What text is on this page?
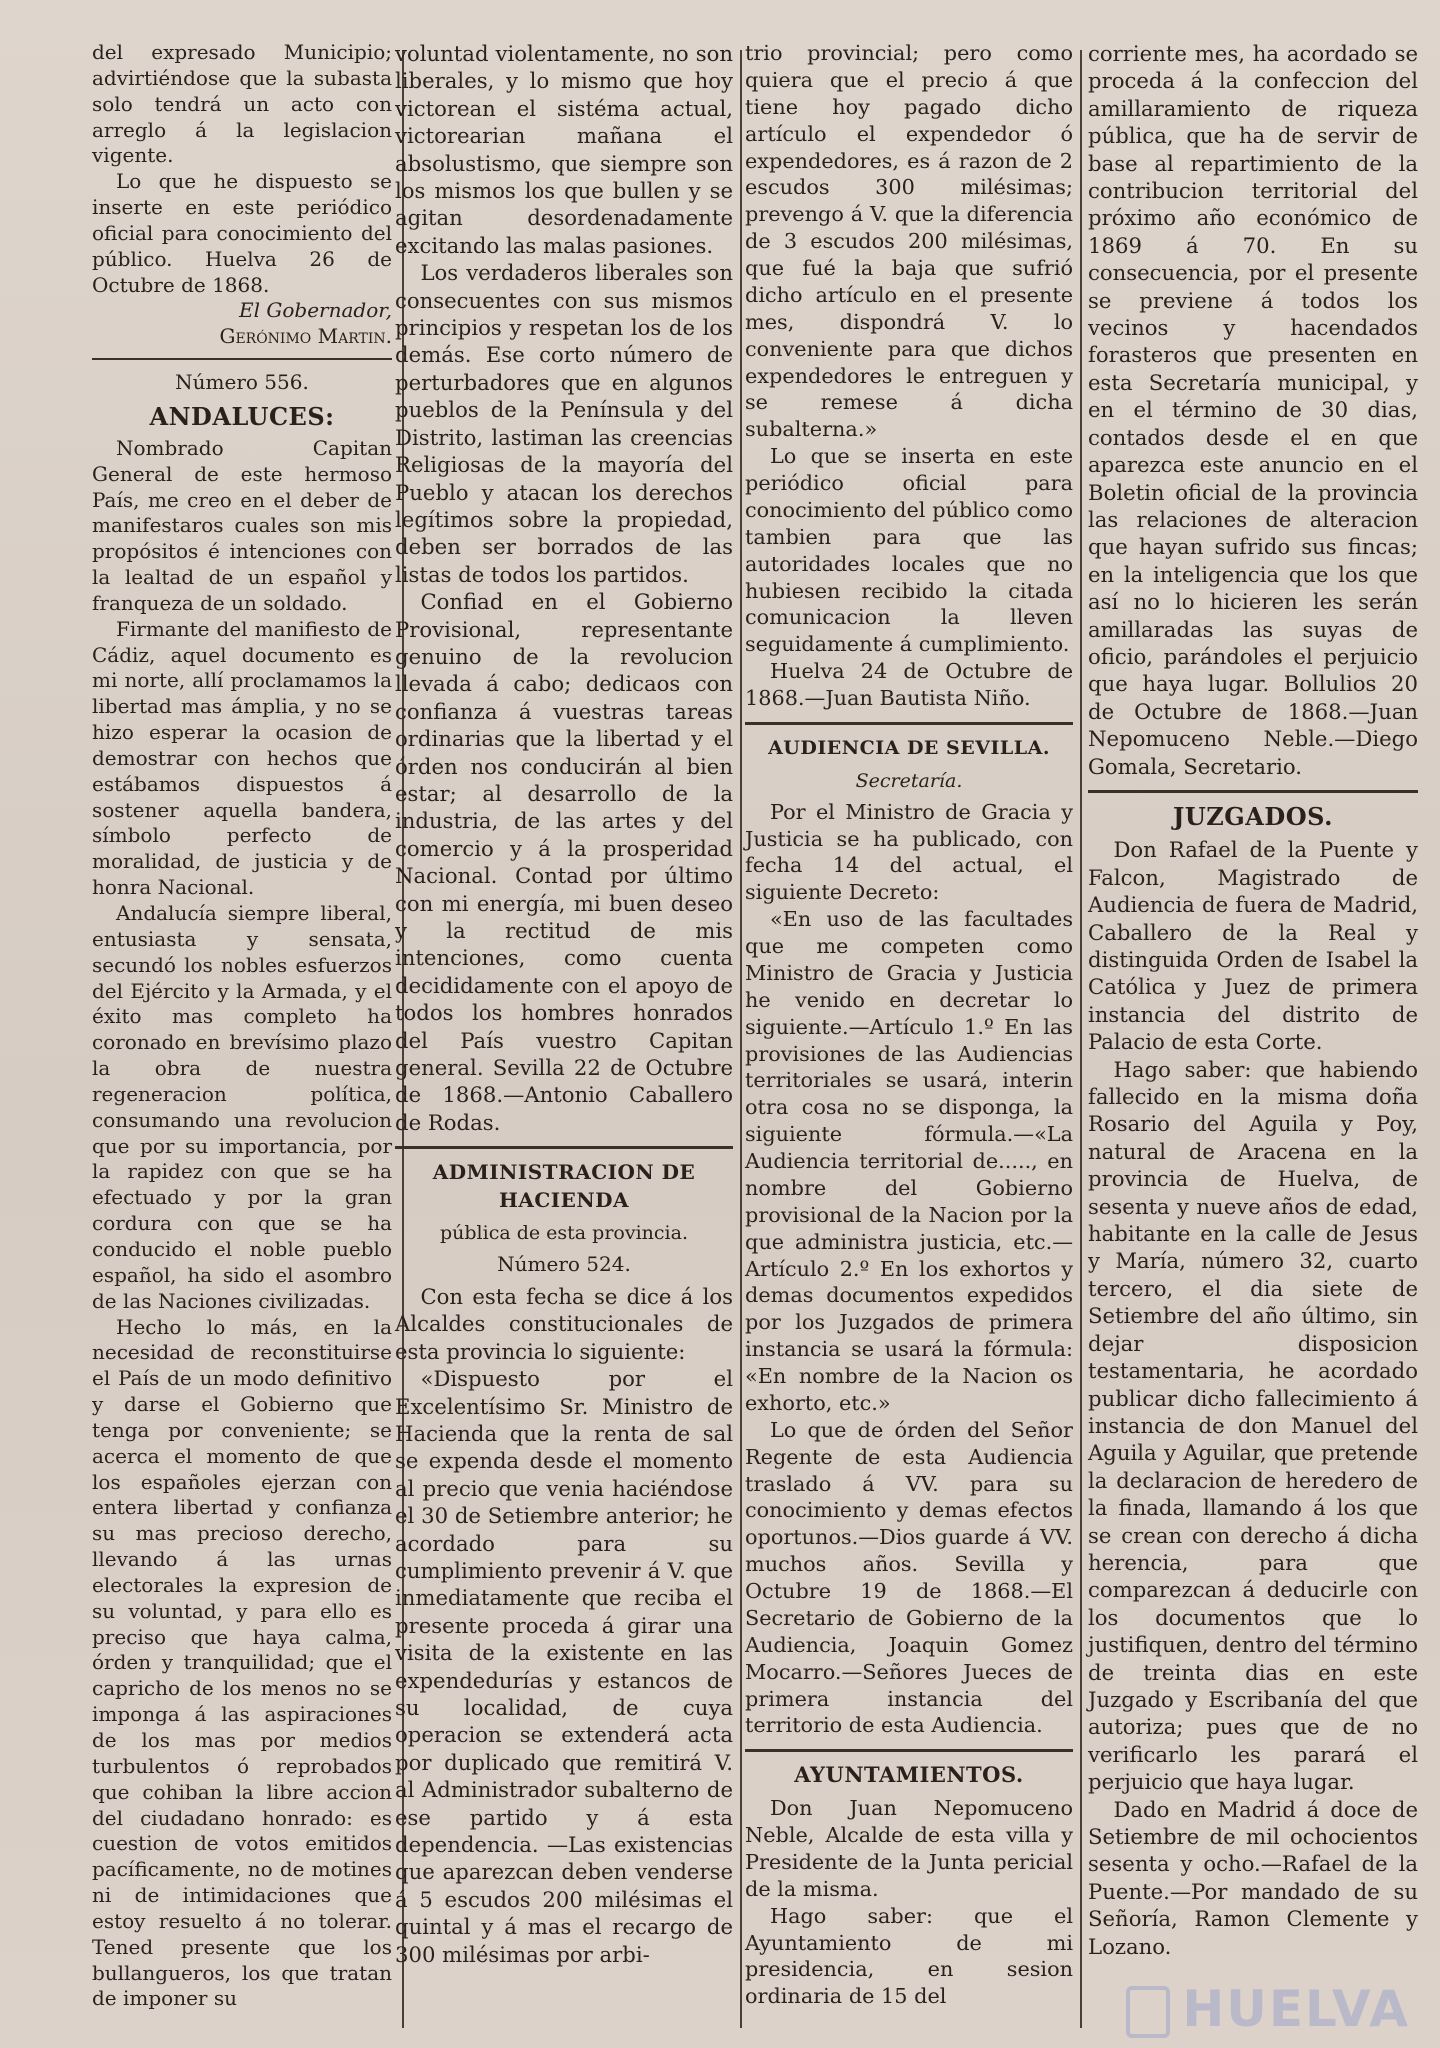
del expresado Municipio; advirtiéndose que la subasta solo tendrá un acto con arreglo á la legislacion vigente.

Lo que he dispuesto se inserte en este periódico oficial para conocimiento del público. Huelva 26 de Octubre de 1868.

El Gobernador,

Gerónimo Martin.

Número 556.

ANDALUCES:

Nombrado Capitan General de este hermoso País, me creo en el deber de manifestaros cuales son mis propósitos é intenciones con la lealtad de un español y franqueza de un soldado.

Firmante del manifiesto de Cádiz, aquel documento es mi norte, allí proclamamos la libertad mas ámplia, y no se hizo esperar la ocasion de demostrar con hechos que estábamos dispuestos á sostener aquella bandera, símbolo perfecto de moralidad, de justicia y de honra Nacional.

Andalucía siempre liberal, entusiasta y sensata, secundó los nobles esfuerzos del Ejército y la Armada, y el éxito mas completo ha coronado en brevísimo plazo la obra de nuestra regeneracion política, consumando una revolucion que por su importancia, por la rapidez con que se ha efectuado y por la gran cordura con que se ha conducido el noble pueblo español, ha sido el asombro de las Naciones civilizadas.

Hecho lo más, en la necesidad de reconstituirse el País de un modo definitivo y darse el Gobierno que tenga por conveniente; se acerca el momento de que los españoles ejerzan con entera libertad y confianza su mas precioso derecho, llevando á las urnas electorales la expresion de su voluntad, y para ello es preciso que haya calma, órden y tranquilidad; que el capricho de los menos no se imponga á las aspiraciones de los mas por medios turbulentos ó reprobados que cohiban la libre accion del ciudadano honrado: es cuestion de votos emitidos pacíficamente, no de motines ni de intimidaciones que estoy resuelto á no tolerar. Tened presente que los bullangueros, los que tratan de imponer su

voluntad violentamente, no son liberales, y lo mismo que hoy victorean el sistéma actual, victorearian mañana el absolustismo, que siempre son los mismos los que bullen y se agitan desordenadamente excitando las malas pasiones.

Los verdaderos liberales son consecuentes con sus mismos principios y respetan los de los demás. Ese corto número de perturbadores que en algunos pueblos de la Península y del Distrito, lastiman las creencias Religiosas de la mayoría del Pueblo y atacan los derechos legítimos sobre la propiedad, deben ser borrados de las listas de todos los partidos.

Confiad en el Gobierno Provisional, representante genuino de la revolucion llevada á cabo; dedicaos con confianza á vuestras tareas ordinarias que la libertad y el órden nos conducirán al bien estar; al desarrollo de la industria, de las artes y del comercio y á la prosperidad Nacional. Contad por último con mi energía, mi buen deseo y la rectitud de mis intenciones, como cuenta decididamente con el apoyo de todos los hombres honrados del País vuestro Capitan general. Sevilla 22 de Octubre de 1868.—Antonio Caballero de Rodas.

ADMINISTRACION DE HACIENDA

pública de esta provincia.

Número 524.

Con esta fecha se dice á los Alcaldes constitucionales de esta provincia lo siguiente:

«Dispuesto por el Excelentísimo Sr. Ministro de Hacienda que la renta de sal se expenda desde el momento al precio que venia haciéndose el 30 de Setiembre anterior; he acordado para su cumplimiento prevenir á V. que inmediatamente que reciba el presente proceda á girar una visita de la existente en las expendedurías y estancos de su localidad, de cuya operacion se extenderá acta por duplicado que remitirá V. al Administrador subalterno de ese partido y á esta dependencia. —Las existencias que aparezcan deben venderse á 5 escudos 200 milésimas el quintal y á mas el recargo de 300 milésimas por arbi-

trio provincial; pero como quiera que el precio á que tiene hoy pagado dicho artículo el expendedor ó expendedores, es á razon de 2 escudos 300 milésimas; prevengo á V. que la diferencia de 3 escudos 200 milésimas, que fué la baja que sufrió dicho artículo en el presente mes, dispondrá V. lo conveniente para que dichos expendedores le entreguen y se remese á dicha subalterna.»

Lo que se inserta en este periódico oficial para conocimiento del público como tambien para que las autoridades locales que no hubiesen recibido la citada comunicacion la lleven seguidamente á cumplimiento.

Huelva 24 de Octubre de 1868.—Juan Bautista Niño.

AUDIENCIA DE SEVILLA.

Secretaría.

Por el Ministro de Gracia y Justicia se ha publicado, con fecha 14 del actual, el siguiente Decreto:

«En uso de las facultades que me competen como Ministro de Gracia y Justicia he venido en decretar lo siguiente.—Artículo 1.º En las provisiones de las Audiencias territoriales se usará, interin otra cosa no se disponga, la siguiente fórmula.—«La Audiencia territorial de....., en nombre del Gobierno provisional de la Nacion por la que administra justicia, etc.—Artículo 2.º En los exhortos y demas documentos expedidos por los Juzgados de primera instancia se usará la fórmula: «En nombre de la Nacion os exhorto, etc.»

Lo que de órden del Señor Regente de esta Audiencia traslado á VV. para su conocimiento y demas efectos oportunos.—Dios guarde á VV. muchos años. Sevilla y Octubre 19 de 1868.—El Secretario de Gobierno de la Audiencia, Joaquin Gomez Mocarro.—Señores Jueces de primera instancia del territorio de esta Audiencia.

AYUNTAMIENTOS.

Don Juan Nepomuceno Neble, Alcalde de esta villa y Presidente de la Junta pericial de la misma.

Hago saber: que el Ayuntamiento de mi presidencia, en sesion ordinaria de 15 del

corriente mes, ha acordado se proceda á la confeccion del amillaramiento de riqueza pública, que ha de servir de base al repartimiento de la contribucion territorial del próximo año económico de 1869 á 70. En su consecuencia, por el presente se previene á todos los vecinos y hacendados forasteros que presenten en esta Secretaría municipal, y en el término de 30 dias, contados desde el en que aparezca este anuncio en el Boletin oficial de la provincia las relaciones de alteracion que hayan sufrido sus fincas; en la inteligencia que los que así no lo hicieren les serán amillaradas las suyas de oficio, parándoles el perjuicio que haya lugar. Bollulios 20 de Octubre de 1868.—Juan Nepomuceno Neble.—Diego Gomala, Secretario.

JUZGADOS.

Don Rafael de la Puente y Falcon, Magistrado de Audiencia de fuera de Madrid, Caballero de la Real y distinguida Orden de Isabel la Católica y Juez de primera instancia del distrito de Palacio de esta Corte.

Hago saber: que habiendo fallecido en la misma doña Rosario del Aguila y Poy, natural de Aracena en la provincia de Huelva, de sesenta y nueve años de edad, habitante en la calle de Jesus y María, número 32, cuarto tercero, el dia siete de Setiembre del año último, sin dejar disposicion testamentaria, he acordado publicar dicho fallecimiento á instancia de don Manuel del Aguila y Aguilar, que pretende la declaracion de heredero de la finada, llamando á los que se crean con derecho á dicha herencia, para que comparezcan á deducirle con los documentos que lo justifiquen, dentro del término de treinta dias en este Juzgado y Escribanía del que autoriza; pues que de no verificarlo les parará el perjuicio que haya lugar.

Dado en Madrid á doce de Setiembre de mil ochocientos sesenta y ocho.—Rafael de la Puente.—Por mandado de su Señoría, Ramon Clemente y Lozano.

HUELVA
